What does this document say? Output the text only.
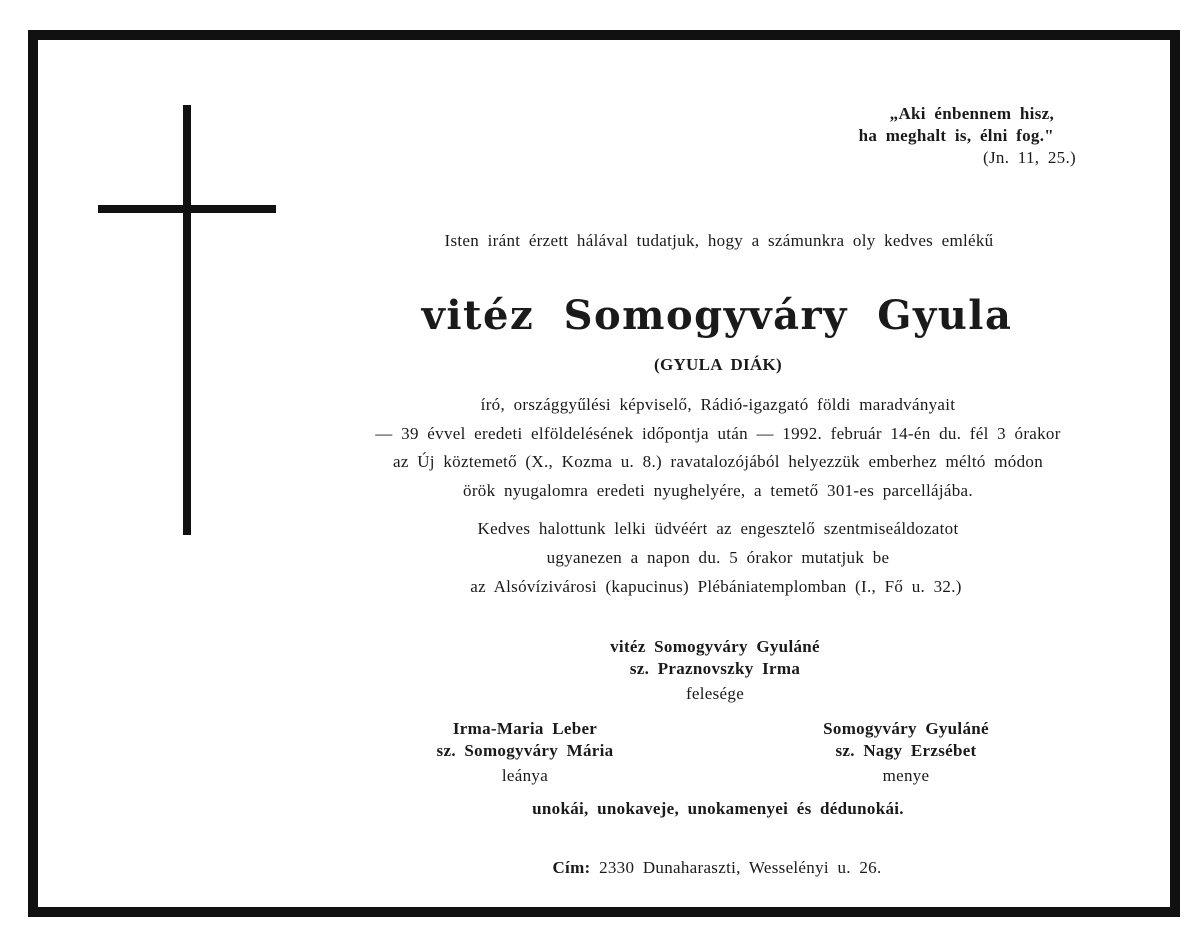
„Aki énbennem hisz,
ha meghalt is, élni fog."
(Jn. 11, 25.)
Isten iránt érzett hálával tudatjuk, hogy a számunkra oly kedves emlékű
vitéz Somogyváry Gyula
(GYULA DIÁK)
író, országgyűlési képviselő, Rádió-igazgató földi maradványait
— 39 évvel eredeti elföldelésének időpontja után — 1992. február 14-én du. fél 3 órakor
az Új köztemető (X., Kozma u. 8.) ravatalozójából helyezzük emberhez méltó módon
örök nyugalomra eredeti nyughelyére, a temető 301-es parcellájába.
Kedves halottunk lelki üdvéért az engesztelő szentmiseáldozatot
ugyanezen a napon du. 5 órakor mutatjuk be
az Alsóvízivárosi (kapucinus) Plébániatemplomban (I., Fő u. 32.)
vitéz Somogyváry Gyuláné
sz. Praznovszky Irma
felesége
Irma-Maria Leber
sz. Somogyváry Mária
leánya
Somogyváry Gyuláné
sz. Nagy Erzsébet
menye
unokái, unokaveje, unokamenyei és dédunokái.
Cím: 2330 Dunaharaszti, Wesselényi u. 26.
